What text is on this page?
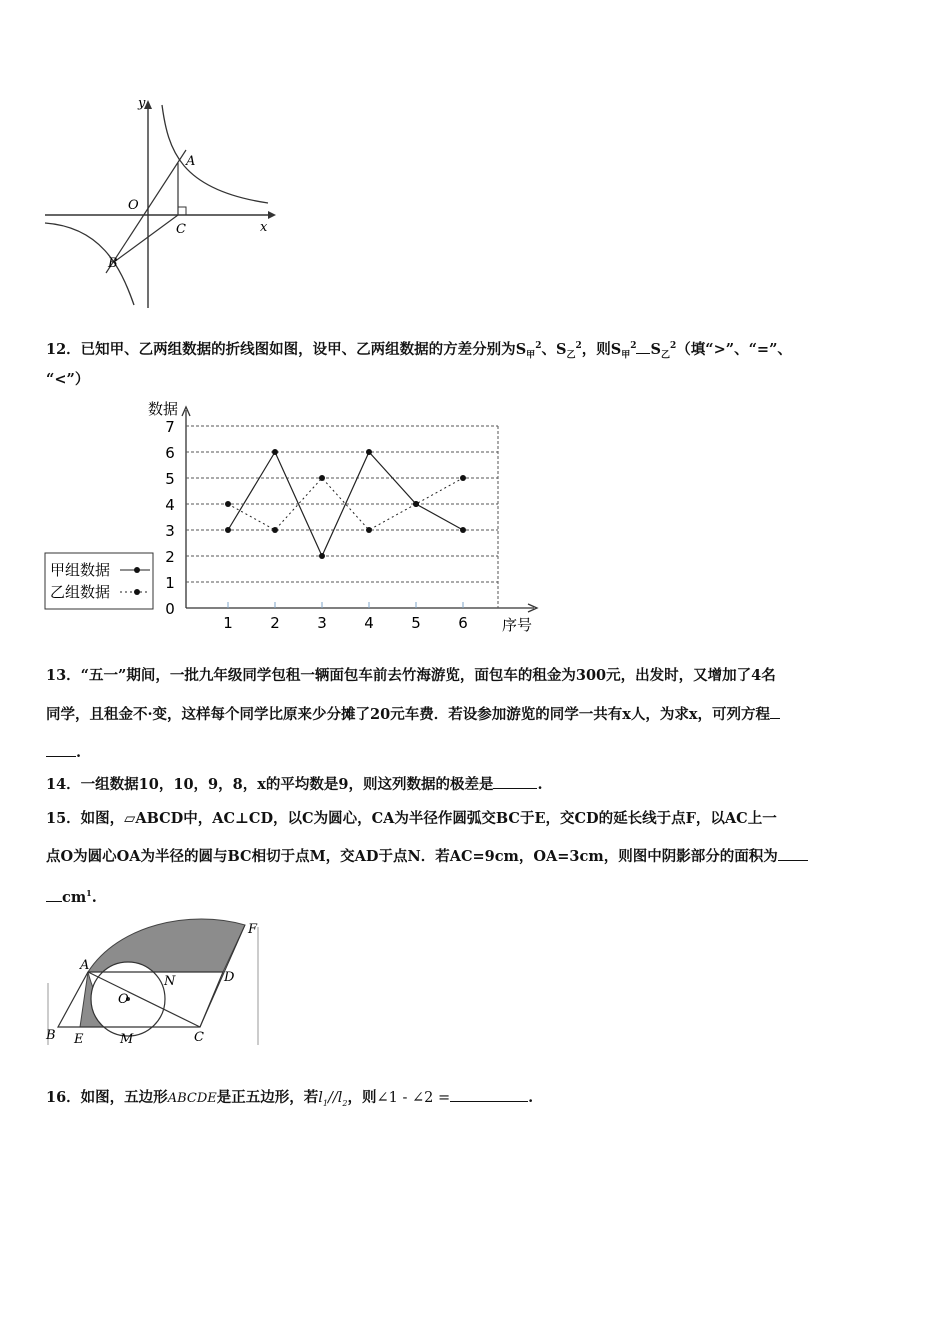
y
x
A
O
C
B
12．已知甲、乙两组数据的折线图如图，设甲、乙两组数据的方差分别为$S_甲^2$、$S_乙^2$，则$S_甲^2$ $S_乙^2$（填“>”、“=”、
“<”）
数据
0
1
2
3
4
5
6
7
1 2 3 4 5 6 序号
甲组数据
乙组数据
13．“五一”期间，一批九年级同学包租一辆面包车前去竹海游览，面包车的租金为300元，出发时，又增加了4名
同学，且租金不·变，这样每个同学比原来少分摊了20元车费．若设参加游览的同学一共有x人，为求x，可列方程
.
14．一组数据10，10，9，8，x的平均数是9，则这列数据的极差是	.
15．如图，▱ABCD中，AC⊥CD，以C为圆心，CA为半径作圆弧交BC于E，交CD的延长线于点F，以AC上一
点O为圆心OA为半径的圆与BC相切于点M，交AD于点N．若AC=9cm，OA=3cm，则图中阴影部分的面积为
$cm^1$.
A
N	D
F
O
B E	M	C
16．如图，五边形ABCDE是正五边形，若$l_1//l_2$，则∠1 - ∠2 =	.
